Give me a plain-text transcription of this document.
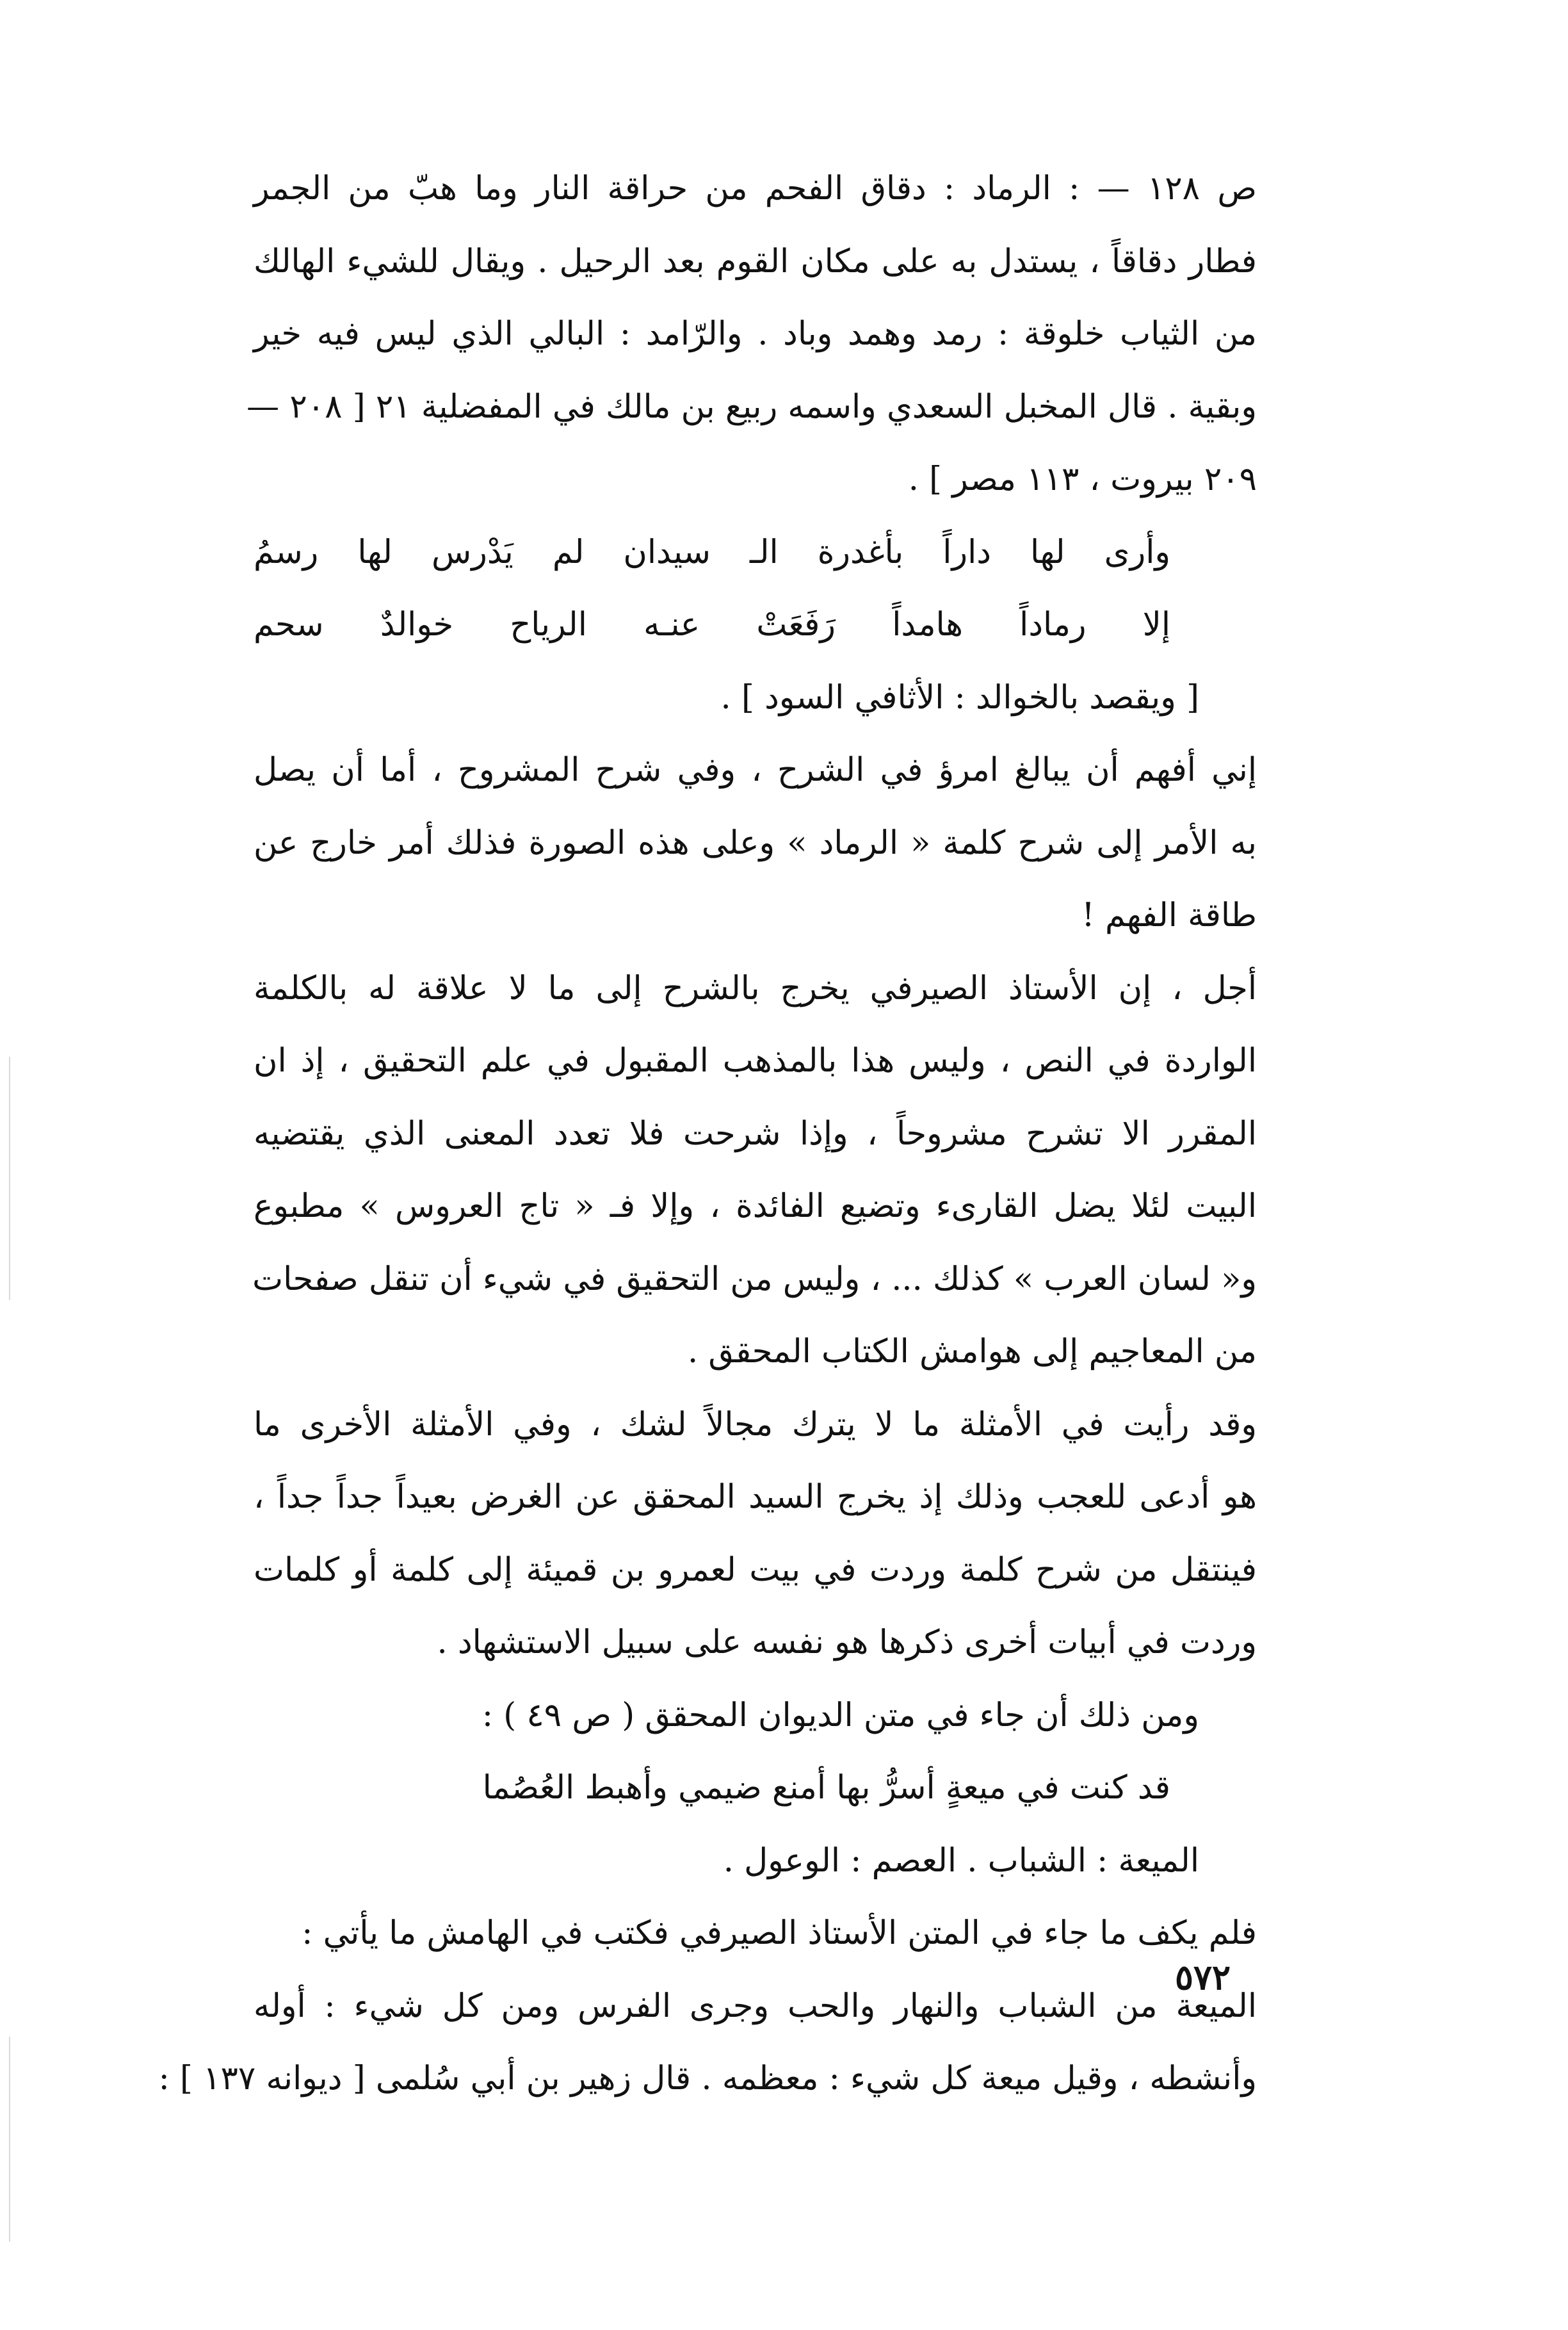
ص ١٢٨ — : الرماد : دقاق الفحم من حراقة النار وما هبّ من الجمر
فطار دقاقاً ، يستدل به على مكان القوم بعد الرحيل . ويقال للشيء الهالك
من الثياب خلوقة : رمد وهمد وباد . والرّامد : البالي الذي ليس فيه خير
وبقية . قال المخبل السعدي واسمه ربيع بن مالك في المفضلية ٢١ [ ٢٠٨ —
٢٠٩ بيروت ، ١١٣ مصر ] .
وأرى لها داراً بأغدرة الـ سيدان لم يَدْرس لها رسمُ
إلا رماداً هامداً رَفَعَتْ عنـه الرياح خوالدٌ سحم
[ ويقصد بالخوالد : الأثافي السود ] .
إني أفهم أن يبالغ امرؤ في الشرح ، وفي شرح المشروح ، أما أن يصل
به الأمر إلى شرح كلمة « الرماد » وعلى هذه الصورة فذلك أمر خارج عن
طاقة الفهم !
أجل ، إن الأستاذ الصيرفي يخرج بالشرح إلى ما لا علاقة له بالكلمة
الواردة في النص ، وليس هذا بالمذهب المقبول في علم التحقيق ، إذ ان
المقرر الا تشرح مشروحاً ، وإذا شرحت فلا تعدد المعنى الذي يقتضيه
البيت لئلا يضل القارىء وتضيع الفائدة ، وإلا فـ « تاج العروس » مطبوع
و« لسان العرب » كذلك ... ، وليس من التحقيق في شيء أن تنقل صفحات
من المعاجيم إلى هوامش الكتاب المحقق .
وقد رأيت في الأمثلة ما لا يترك مجالاً لشك ، وفي الأمثلة الأخرى ما
هو أدعى للعجب وذلك إذ يخرج السيد المحقق عن الغرض بعيداً جداً جداً ،
فينتقل من شرح كلمة وردت في بيت لعمرو بن قميئة إلى كلمة أو كلمات
وردت في أبيات أخرى ذكرها هو نفسه على سبيل الاستشهاد .
ومن ذلك أن جاء في متن الديوان المحقق ( ص ٤٩ ) :
قد كنت في ميعةٍ أسرُّ بها أمنع ضيمي وأهبط العُصُما
الميعة : الشباب . العصم : الوعول .
فلم يكف ما جاء في المتن الأستاذ الصيرفي فكتب في الهامش ما يأتي :
الميعة من الشباب والنهار والحب وجرى الفرس ومن كل شيء : أوله
وأنشطه ، وقيل ميعة كل شيء : معظمه . قال زهير بن أبي سُلمى [ ديوانه ١٣٧ ] :
٥٧٢
